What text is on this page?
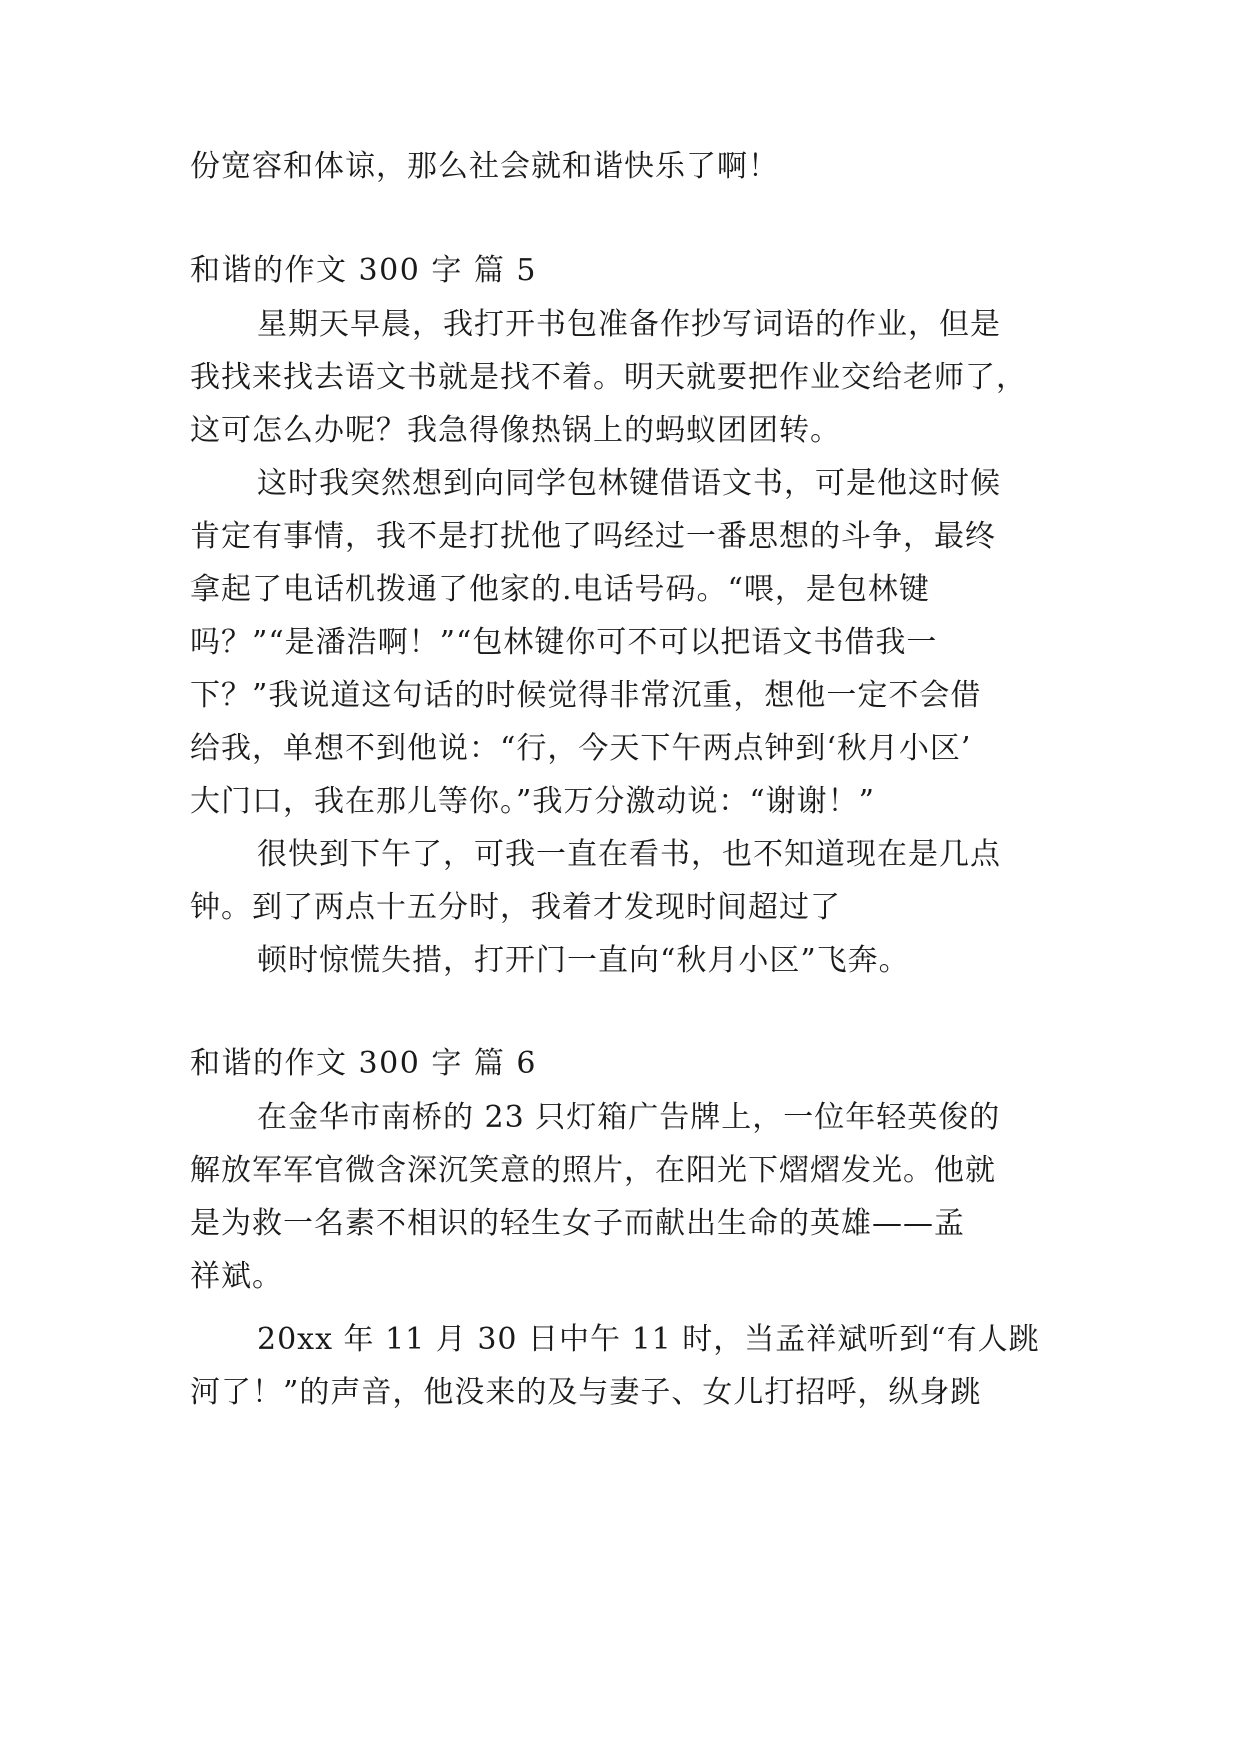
份宽容和体谅，那么社会就和谐快乐了啊！
和谐的作文 300 字 篇 5
星期天早晨，我打开书包准备作抄写词语的作业，但是
我找来找去语文书就是找不着。明天就要把作业交给老师了，
这可怎么办呢？我急得像热锅上的蚂蚁团团转。
这时我突然想到向同学包林键借语文书，可是他这时候
肯定有事情，我不是打扰他了吗经过一番思想的斗争，最终
拿起了电话机拨通了他家的.电话号码。“喂，是包林键
吗？”“是潘浩啊！”“包林键你可不可以把语文书借我一
下？”我说道这句话的时候觉得非常沉重，想他一定不会借
给我，单想不到他说：“行，今天下午两点钟到‘秋月小区’
大门口，我在那儿等你。”我万分激动说：“谢谢！”
很快到下午了，可我一直在看书，也不知道现在是几点
钟。到了两点十五分时，我着才发现时间超过了
顿时惊慌失措，打开门一直向“秋月小区”飞奔。
和谐的作文 300 字 篇 6
在金华市南桥的 23 只灯箱广告牌上，一位年轻英俊的
解放军军官微含深沉笑意的照片，在阳光下熠熠发光。他就
是为救一名素不相识的轻生女子而献出生命的英雄——孟
祥斌。
20xx 年 11 月 30 日中午 11 时，当孟祥斌听到“有人跳
河了！”的声音，他没来的及与妻子、女儿打招呼，纵身跳
